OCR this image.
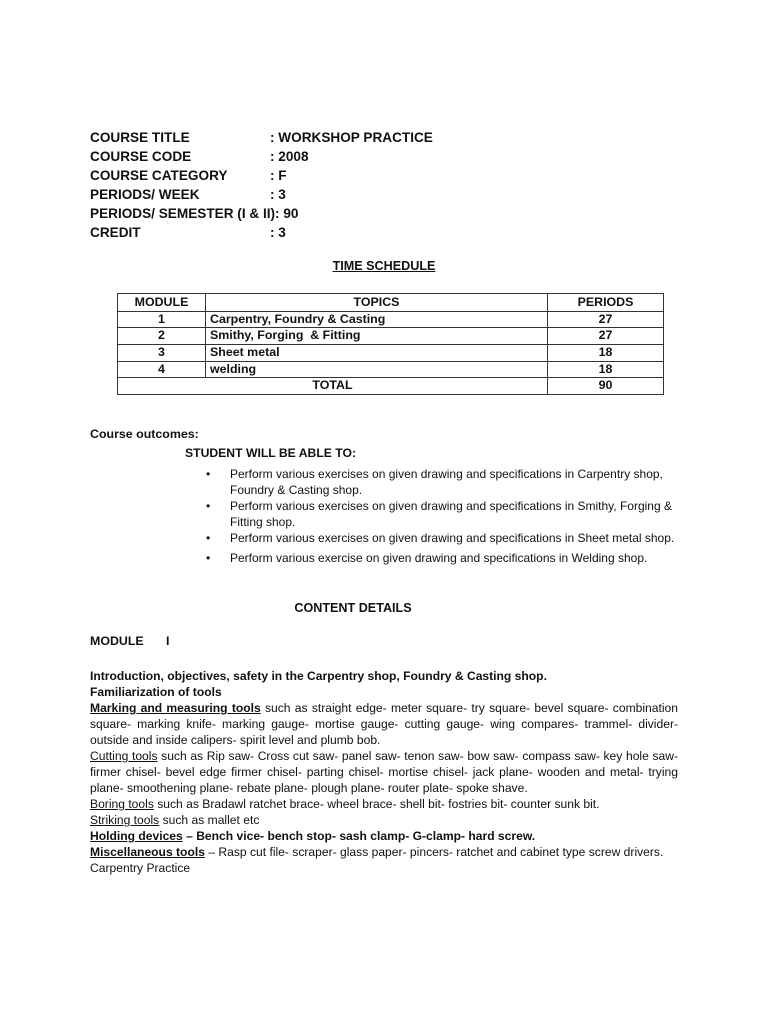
COURSE TITLE	: WORKSHOP PRACTICE
COURSE CODE	: 2008
COURSE CATEGORY	: F
PERIODS/ WEEK	: 3
PERIODS/ SEMESTER (I & II): 90
CREDIT	: 3
TIME SCHEDULE
MODULE	TOPICS	PERIODS
1	Carpentry, Foundry & Casting	27
2	Smithy, Forging  & Fitting	27
3	Sheet metal	18
4	welding	18
TOTAL		90
Course outcomes:
STUDENT WILL BE ABLE TO:
• Perform various exercises on given drawing and specifications in Carpentry shop, Foundry & Casting shop.
• Perform various exercises on given drawing and specifications in Smithy, Forging & Fitting shop.
• Perform various exercises on given drawing and specifications in Sheet metal shop.
• Perform various exercise on given drawing and specifications in Welding shop.
CONTENT DETAILS
MODULE   I
Introduction, objectives, safety in the Carpentry shop, Foundry & Casting shop.
Familiarization of tools
Marking and measuring tools such as straight edge- meter square- try square- bevel square- combination square- marking knife- marking gauge- mortise gauge- cutting gauge- wing compares- trammel- divider- outside and inside calipers- spirit level and plumb bob.
Cutting tools such as Rip saw- Cross cut saw- panel saw- tenon saw- bow saw- compass saw- key hole saw- firmer chisel- bevel edge firmer chisel- parting chisel- mortise chisel- jack plane- wooden and metal- trying plane- smoothening plane- rebate plane- plough plane- router plate- spoke shave.
Boring tools such as Bradawl ratchet brace- wheel brace- shell bit- fostries bit- counter sunk bit.
Striking tools such as mallet etc
Holding devices – Bench vice- bench stop- sash clamp- G-clamp- hard screw.
Miscellaneous tools – Rasp cut file- scraper- glass paper- pincers- ratchet and cabinet type screw drivers.
Carpentry Practice
